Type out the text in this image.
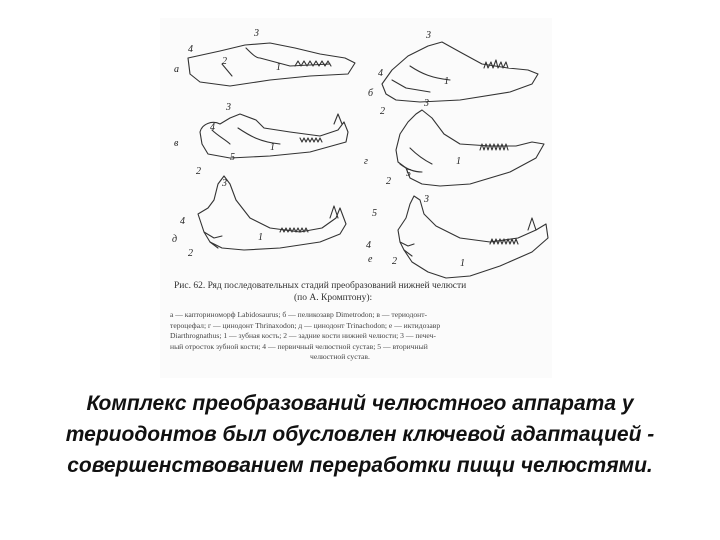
а
б
в
г
д
е
4
2
3
1
4
2
3
1
4
3
1
5
2
3
1
2
5
3
4
1
2
5
3
4
2	1
Рис. 62. Ряд последовательных стадий преобразований нижней челюсти
(по А. Кромптону):
а — капториноморф Labidosaurus; б — пеликозавр Dimetrodon; в — териодонт-
тероцефал; г — цинодонт Thrinaxodon; д — цинодонт Trinachodon; е — иктидозавр
Diarthrognathus; 1 — зубная кость; 2 — задние кости нижней челюсти; 3 — печеч-
ный отросток зубной кости; 4 — первичный челюстной сустав; 5 — вторичный
челюстной сустав.
Комплекс преобразований челюстного аппарата у
териодонтов был обусловлен ключевой адаптацией -
совершенствованием переработки пищи челюстями.
